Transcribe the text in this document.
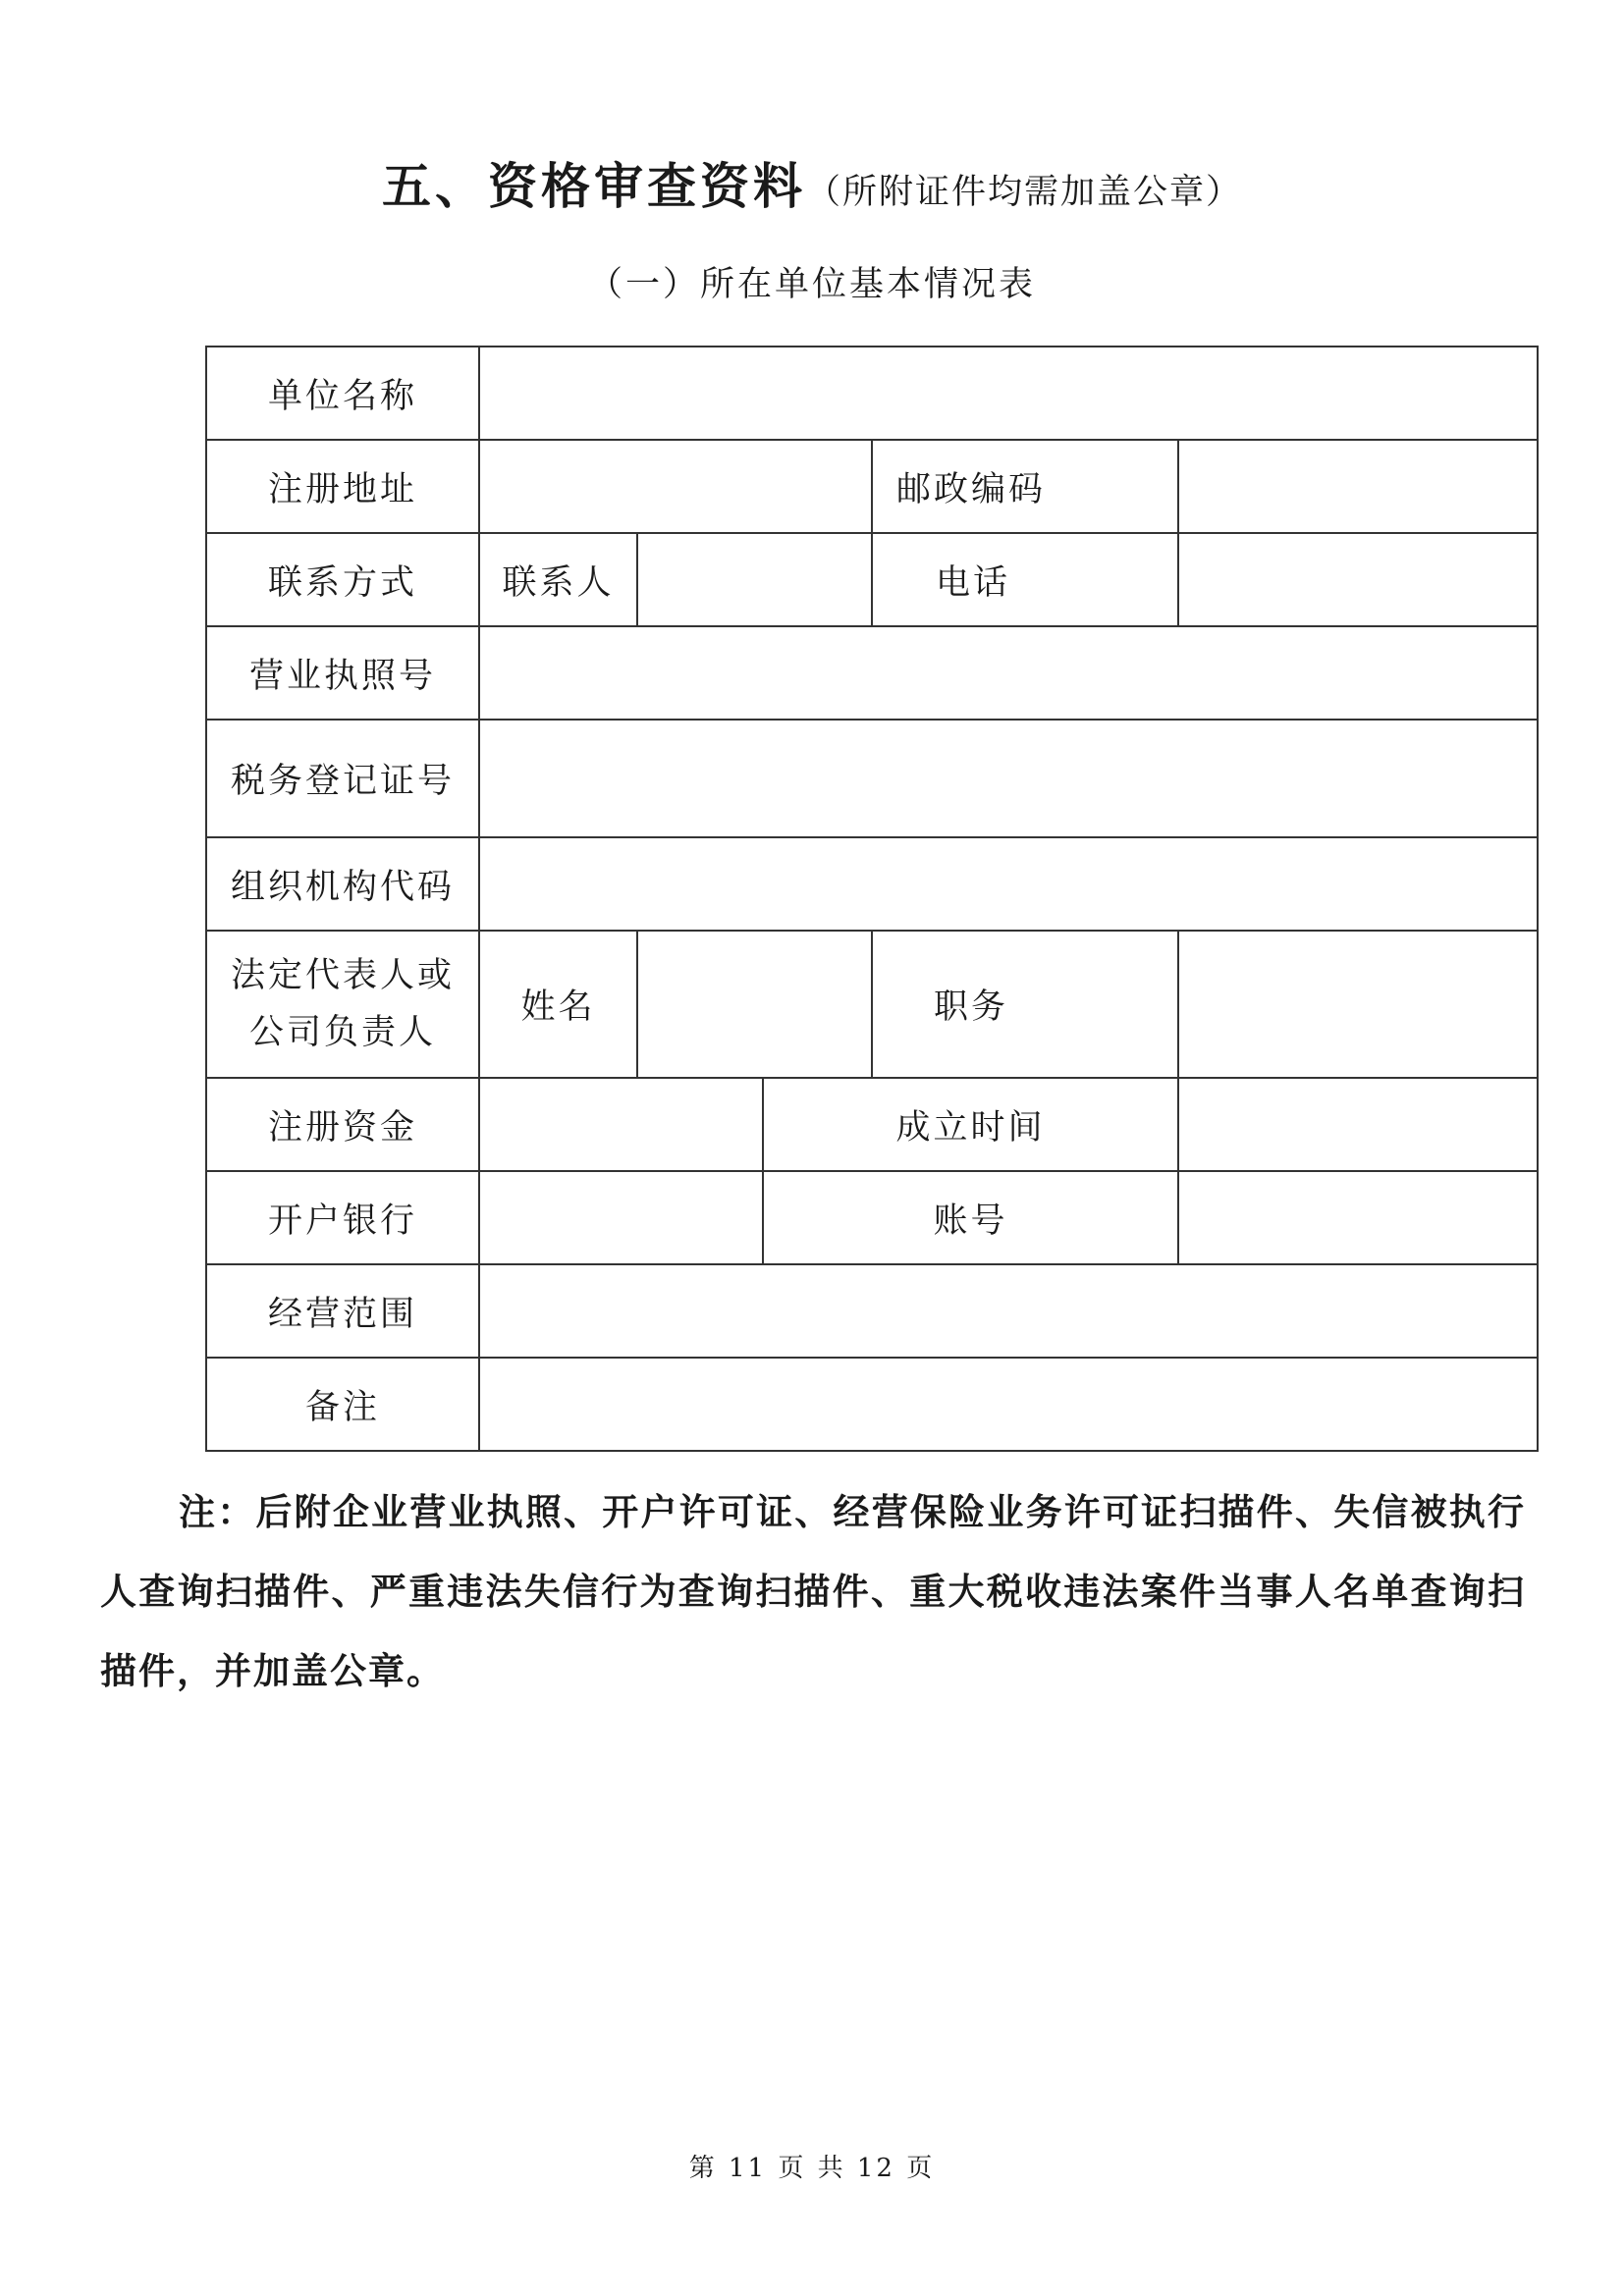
五、资格审查资料（所附证件均需加盖公章）
（一）所在单位基本情况表
单位名称					
注册地址				邮政编码	
联系方式	联系人			电话	
营业执照号					
税务登记证号					
组织机构代码					

法定代表人或
公司负责人	姓名			职务	
注册资金			成立时间		
开户银行			账号		
经营范围					
备注					
注：后附企业营业执照、开户许可证、经营保险业务许可证扫描件、失信被执行人查询扫描件、严重违法失信行为查询扫描件、重大税收违法案件当事人名单查询扫描件，并加盖公章。
第 11 页 共 12 页
